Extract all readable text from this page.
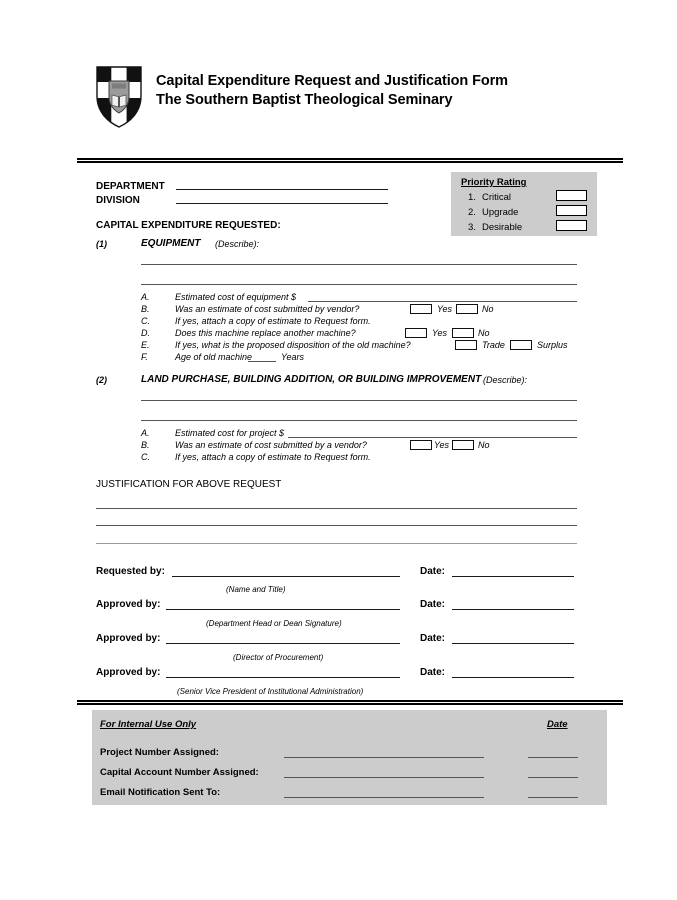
Capital Expenditure Request and Justification Form
The Southern Baptist Theological Seminary
DEPARTMENT
DIVISION
Priority Rating
1. Critical
2. Upgrade
3. Desirable
CAPITAL EXPENDITURE REQUESTED:
(1)	EQUIPMENT (Describe):
A.	Estimated cost of equipment $
B.	Was an estimate of cost submitted by vendor?	Yes	No
C.	If yes, attach a copy of estimate to Request form.
D.	Does this machine replace another machine?	Yes	No
E.	If yes, what is the proposed disposition of the old machine?	Trade	Surplus
F.	Age of old machine	Years
(2)	LAND PURCHASE, BUILDING ADDITION, OR BUILDING IMPROVEMENT (Describe):
A.	Estimated cost for project $
B.	Was an estimate of cost submitted by a vendor?	Yes	No
C.	If yes, attach a copy of estimate to Request form.
JUSTIFICATION FOR ABOVE REQUEST
Requested by:
(Name and Title)
Date:
Approved by:
(Department Head or Dean Signature)
Date:
Approved by:
(Director of Procurement)
Date:
Approved by:
(Senior Vice President of Institutional Administration)
Date:
For Internal Use Only	Date
Project Number Assigned:
Capital Account Number Assigned:
Email Notification Sent To:
